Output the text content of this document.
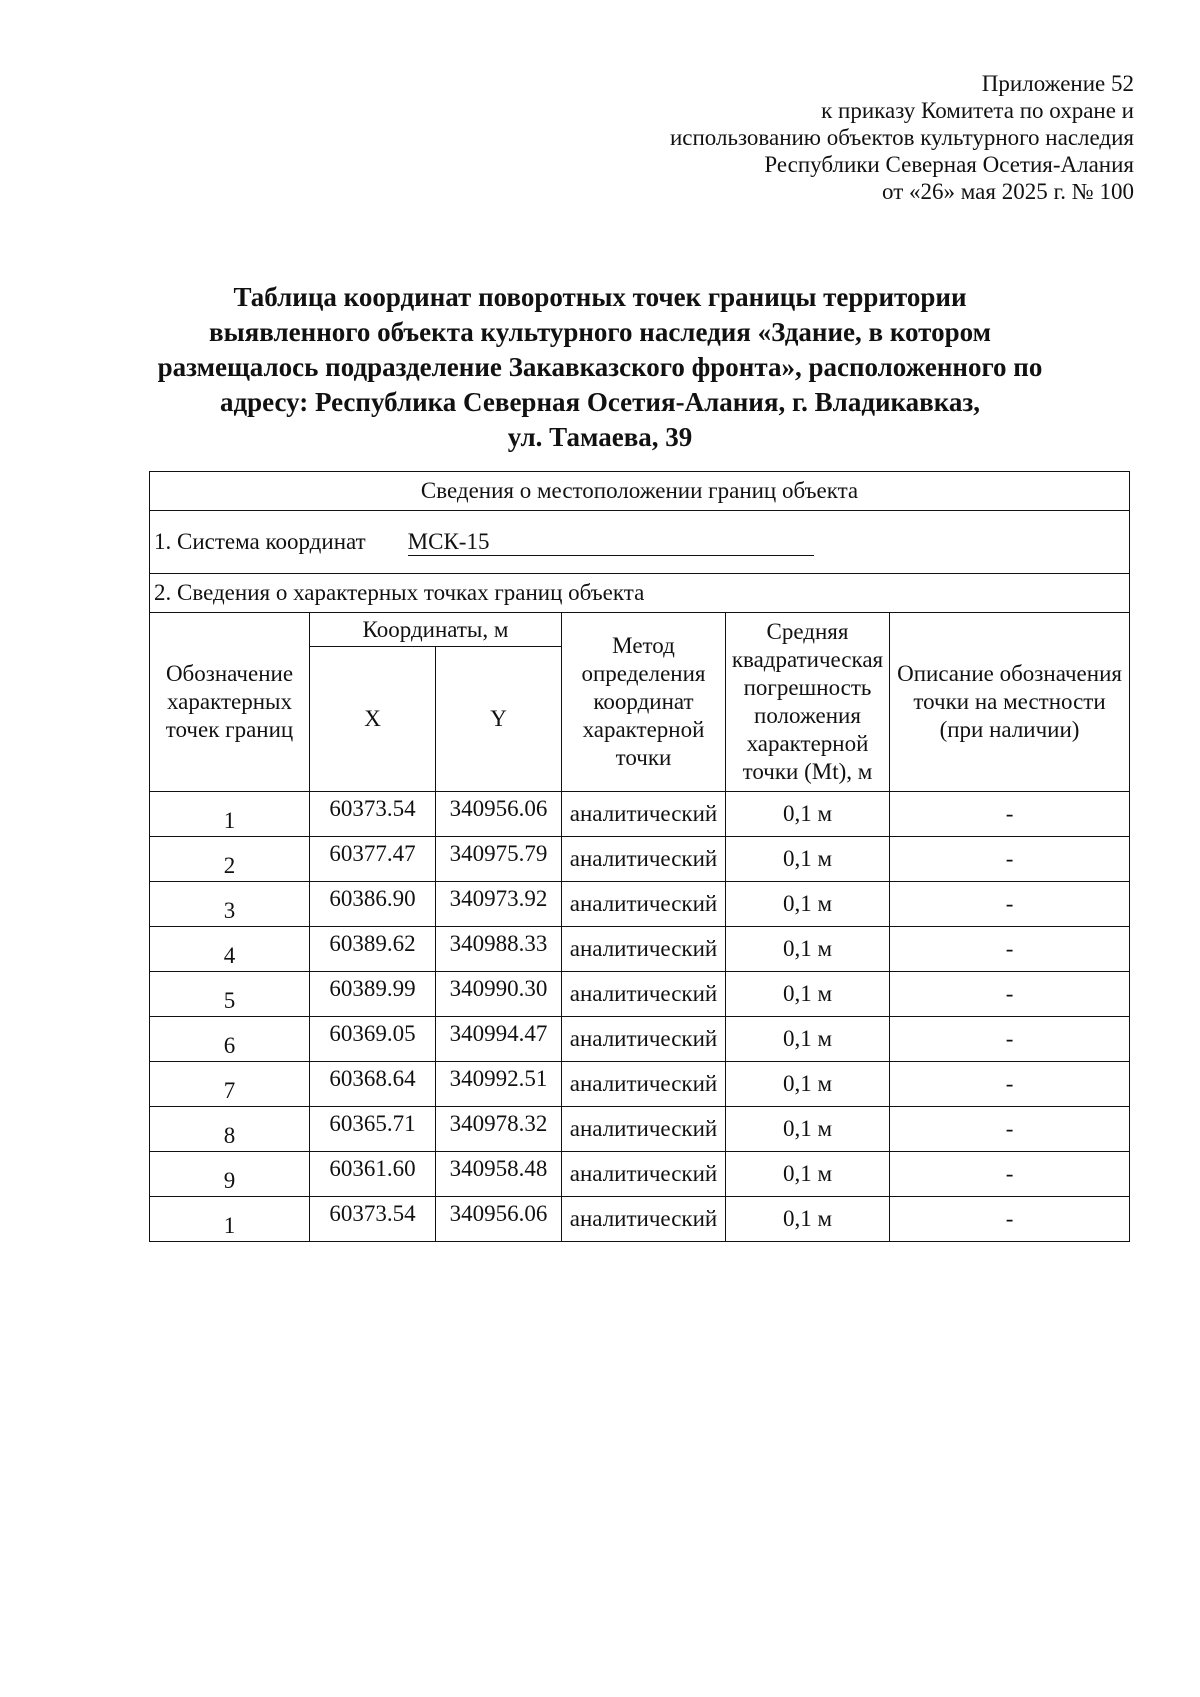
Приложение 52
к приказу Комитета по охране и
использованию объектов культурного наследия
Республики Северная Осетия-Алания
от «26» мая 2025 г. № 100
Таблица координат поворотных точек границы территории
выявленного объекта культурного наследия «Здание, в котором
размещалось подразделение Закавказского фронта», расположенного по
адресу: Республика Северная Осетия-Алания, г. Владикавказ,
ул. Тамаева, 39
Сведения о местоположении границ объекта					
1. Система координат МСК-15					
2. Сведения о характерных точках границ объекта					
Обозначение характерных точек границ	Координаты, м		Метод определения координат характерной точки	Средняя квадратическая погрешность положения характерной точки (Mt), м	Описание обозначения точки на местности (при наличии)
	X	Y			
1	60373.54	340956.06	аналитический	0,1 м	-
2	60377.47	340975.79	аналитический	0,1 м	-
3	60386.90	340973.92	аналитический	0,1 м	-
4	60389.62	340988.33	аналитический	0,1 м	-
5	60389.99	340990.30	аналитический	0,1 м	-
6	60369.05	340994.47	аналитический	0,1 м	-
7	60368.64	340992.51	аналитический	0,1 м	-
8	60365.71	340978.32	аналитический	0,1 м	-
9	60361.60	340958.48	аналитический	0,1 м	-
1	60373.54	340956.06	аналитический	0,1 м	-
